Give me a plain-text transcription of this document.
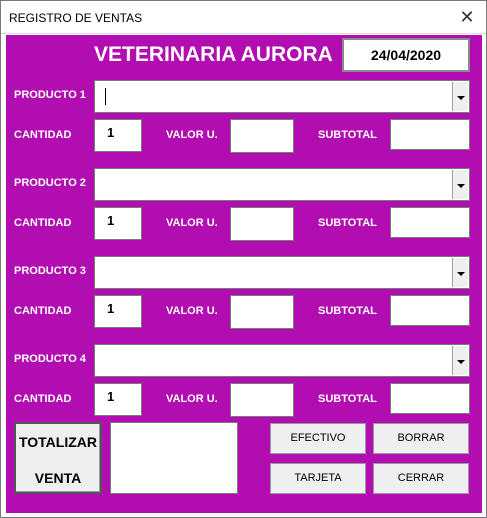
REGISTRO DE VENTAS	✕
VETERINARIA AURORA	24/04/2020
PRODUCTO 1
CANTIDAD	1	VALOR U.	SUBTOTAL
PRODUCTO 2
CANTIDAD	1	VALOR U.	SUBTOTAL
PRODUCTO 3
CANTIDAD	1	VALOR U.	SUBTOTAL
PRODUCTO 4
CANTIDAD	1	VALOR U.	SUBTOTAL
TOTALIZAR
VENTA
EFECTIVO	BORRAR
TARJETA	CERRAR
